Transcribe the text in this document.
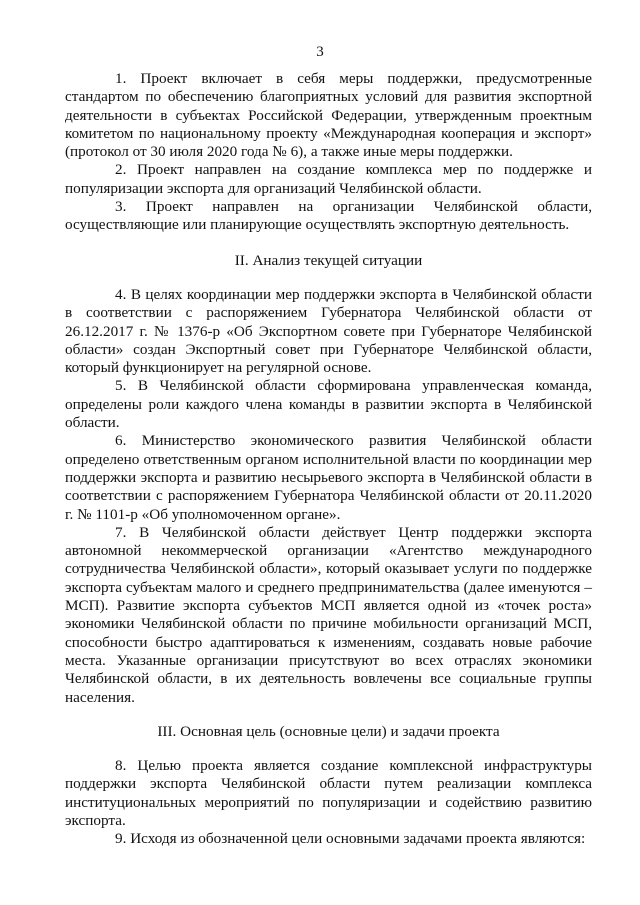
3

1. Проект включает в себя меры поддержки, предусмотренные стандартом по обеспечению благоприятных условий для развития экспортной деятельности в субъектах Российской Федерации, утвержденным проектным комитетом по национальному проекту «Международная кооперация и экспорт» (протокол от 30 июля 2020 года № 6), а также иные меры поддержки.

2. Проект направлен на создание комплекса мер по поддержке и популяризации экспорта для организаций Челябинской области.

3. Проект направлен на организации Челябинской области, осуществляющие или планирующие осуществлять экспортную деятельность.

II. Анализ текущей ситуации

4. В целях координации мер поддержки экспорта в Челябинской области в соответствии с распоряжением Губернатора Челябинской области от 26.12.2017 г. № 1376-р «Об Экспортном совете при Губернаторе Челябинской области» создан Экспортный совет при Губернаторе Челябинской области, который функционирует на регулярной основе.

5. В Челябинской области сформирована управленческая команда, определены роли каждого члена команды в развитии экспорта в Челябинской области.

6. Министерство экономического развития Челябинской области определено ответственным органом исполнительной власти по координации мер поддержки экспорта и развитию несырьевого экспорта в Челябинской области в соответствии с распоряжением Губернатора Челябинской области от 20.11.2020 г. № 1101-р «Об уполномоченном органе».

7. В Челябинской области действует Центр поддержки экспорта автономной некоммерческой организации «Агентство международного сотрудничества Челябинской области», который оказывает услуги по поддержке экспорта субъектам малого и среднего предпринимательства (далее именуются – МСП). Развитие экспорта субъектов МСП является одной из «точек роста» экономики Челябинской области по причине мобильности организаций МСП, способности быстро адаптироваться к изменениям, создавать новые рабочие места. Указанные организации присутствуют во всех отраслях экономики Челябинской области, в их деятельность вовлечены все социальные группы населения.

III. Основная цель (основные цели) и задачи проекта

8. Целью проекта является создание комплексной инфраструктуры поддержки экспорта Челябинской области путем реализации комплекса институциональных мероприятий по популяризации и содействию развитию экспорта.

9. Исходя из обозначенной цели основными задачами проекта являются:
